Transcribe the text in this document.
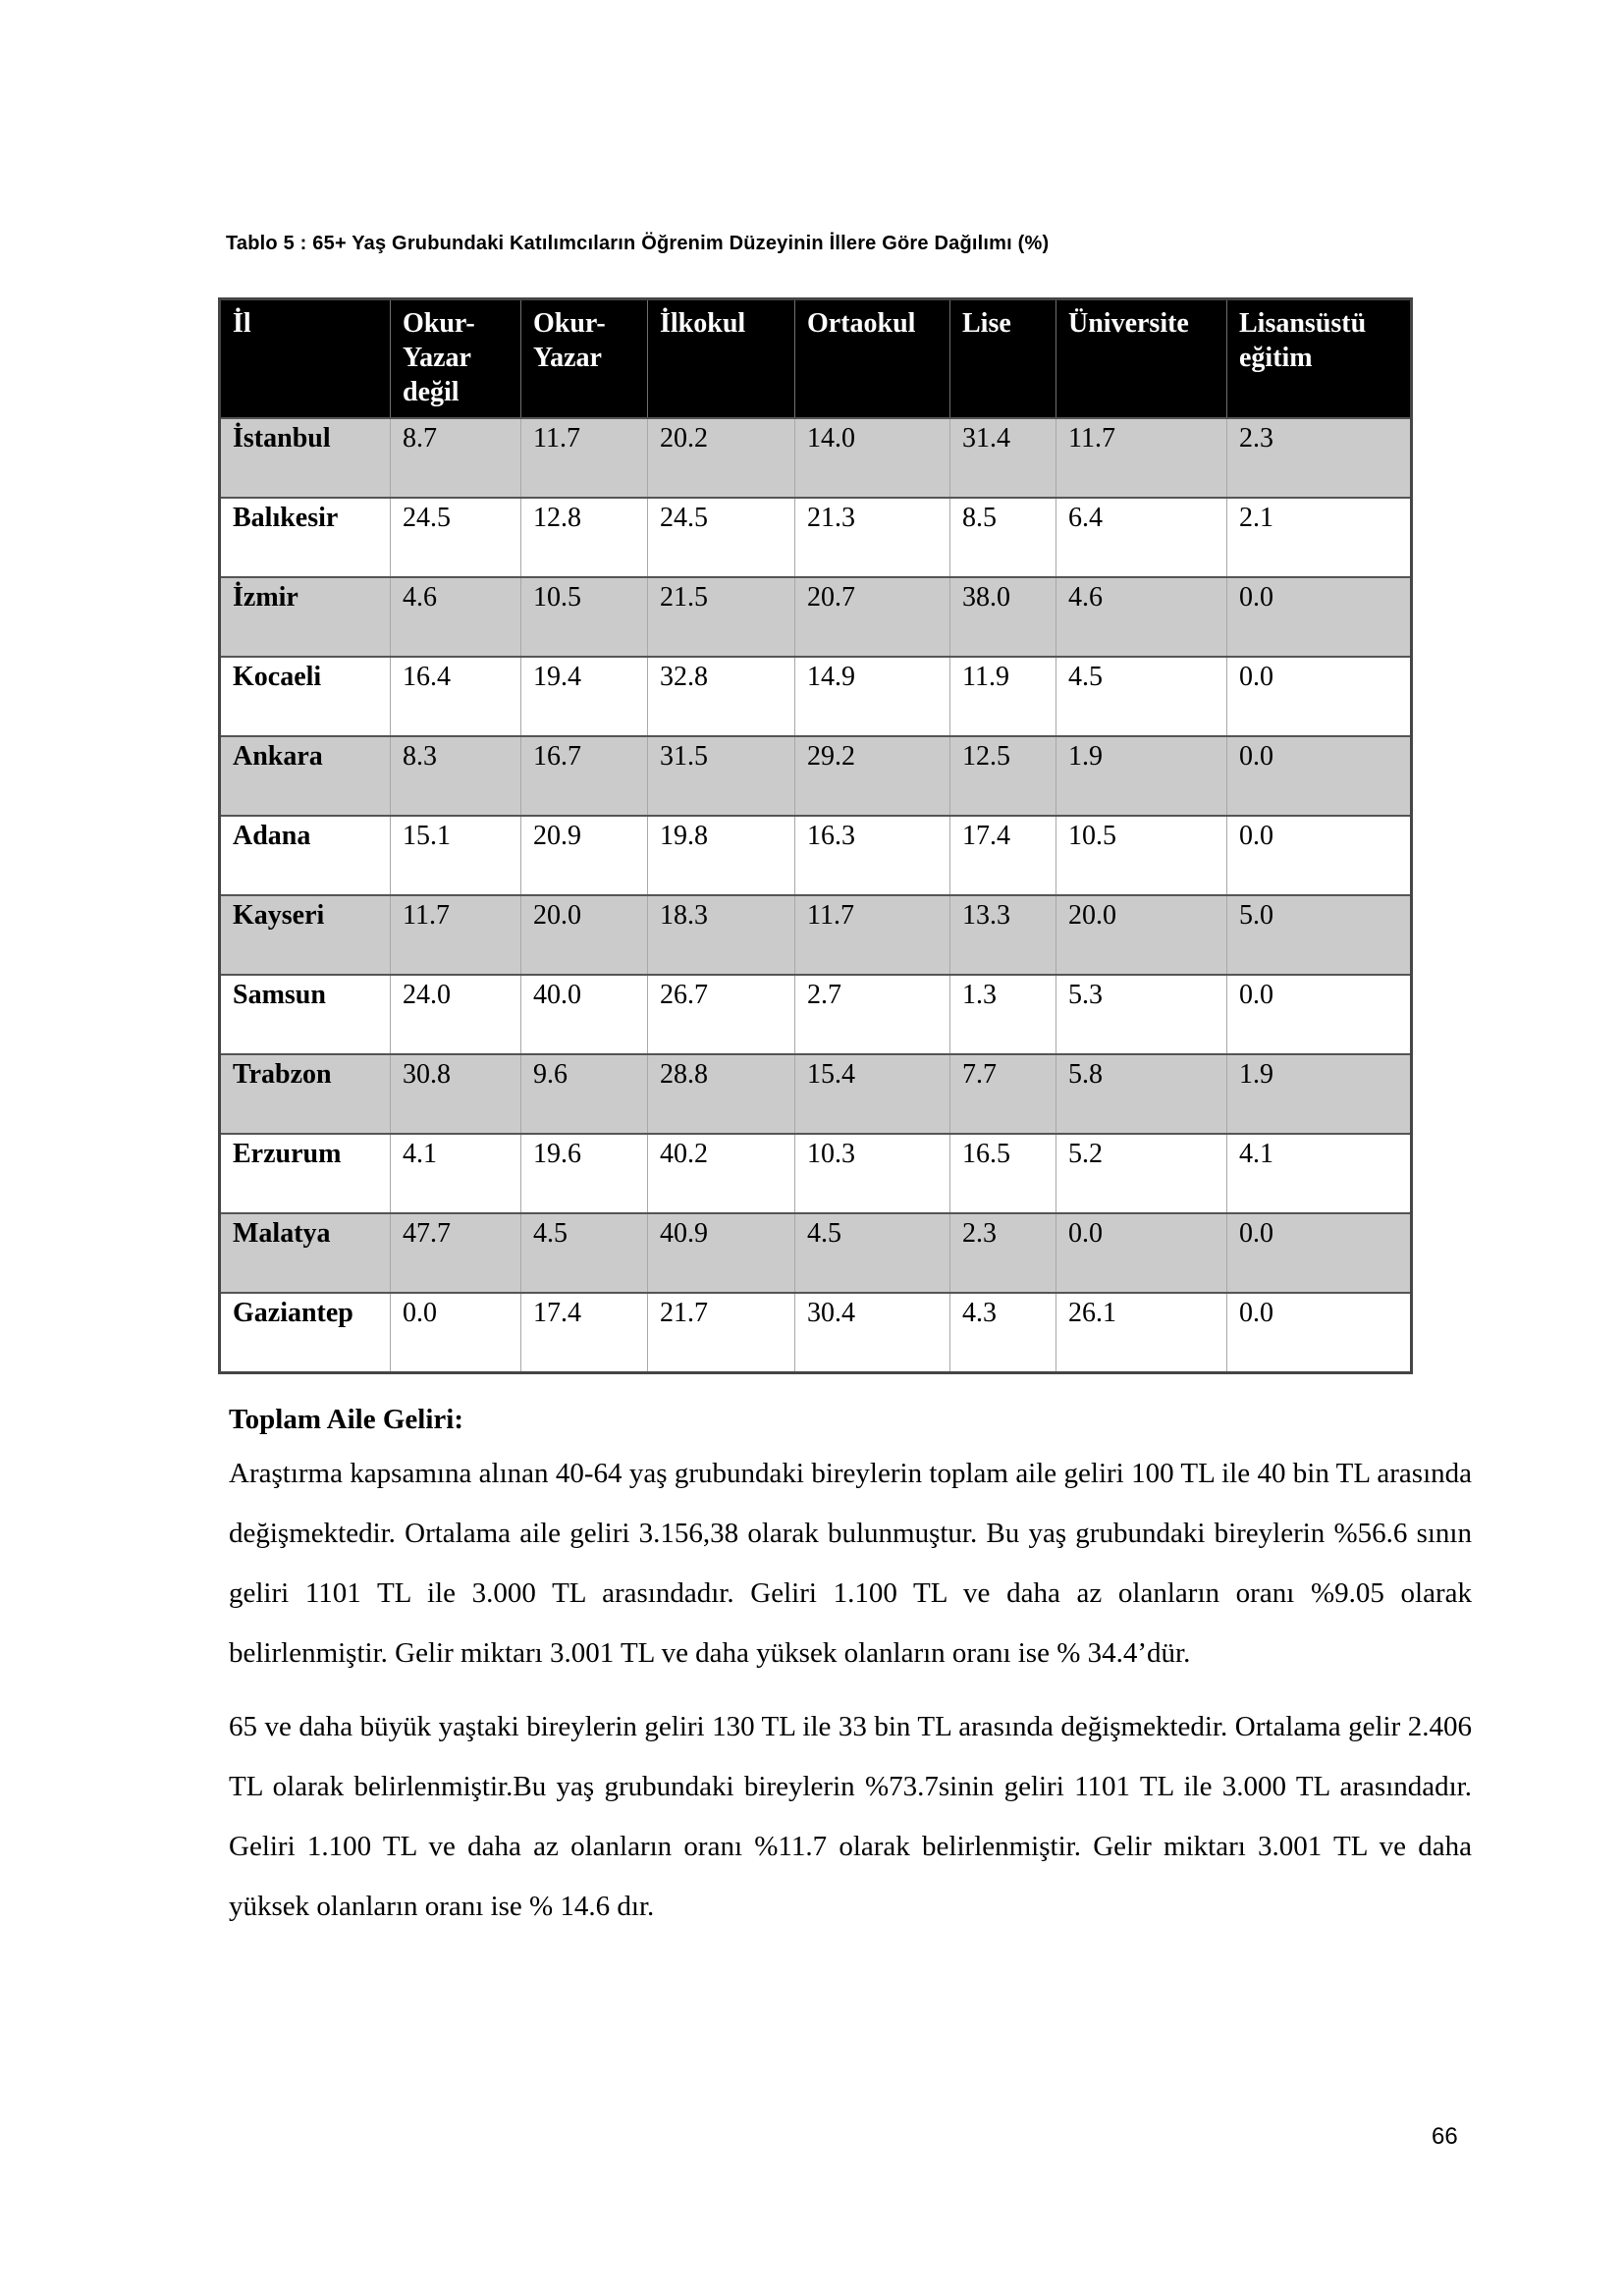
Tablo 5 : 65+ Yaş Grubundaki Katılımcıların Öğrenim Düzeyinin İllere Göre Dağılımı (%)
İl	Okur-Yazar değil	Okur-Yazar	İlkokul	Ortaokul	Lise	Üniversite	Lisansüstü eğitim
İstanbul	8.7	11.7	20.2	14.0	31.4	11.7	2.3
Balıkesir	24.5	12.8	24.5	21.3	8.5	6.4	2.1
İzmir	4.6	10.5	21.5	20.7	38.0	4.6	0.0
Kocaeli	16.4	19.4	32.8	14.9	11.9	4.5	0.0
Ankara	8.3	16.7	31.5	29.2	12.5	1.9	0.0
Adana	15.1	20.9	19.8	16.3	17.4	10.5	0.0
Kayseri	11.7	20.0	18.3	11.7	13.3	20.0	5.0
Samsun	24.0	40.0	26.7	2.7	1.3	5.3	0.0
Trabzon	30.8	9.6	28.8	15.4	7.7	5.8	1.9
Erzurum	4.1	19.6	40.2	10.3	16.5	5.2	4.1
Malatya	47.7	4.5	40.9	4.5	2.3	0.0	0.0
Gaziantep	0.0	17.4	21.7	30.4	4.3	26.1	0.0
Toplam Aile Geliri:

Araştırma kapsamına alınan 40-64 yaş grubundaki bireylerin toplam aile geliri 100 TL ile 40 bin TL arasında değişmektedir. Ortalama aile geliri 3.156,38 olarak bulunmuştur. Bu yaş grubundaki bireylerin %56.6 sının geliri 1101 TL ile 3.000 TL arasındadır. Geliri 1.100 TL ve daha az olanların oranı %9.05 olarak belirlenmiştir. Gelir miktarı 3.001 TL ve daha yüksek olanların oranı ise % 34.4’dür.

65 ve daha büyük yaştaki bireylerin geliri 130 TL ile 33 bin TL arasında değişmektedir. Ortalama gelir 2.406 TL olarak belirlenmiştir.Bu yaş grubundaki bireylerin %73.7sinin geliri 1101 TL ile 3.000 TL arasındadır. Geliri 1.100 TL ve daha az olanların oranı %11.7 olarak belirlenmiştir. Gelir miktarı 3.001 TL ve daha yüksek olanların oranı ise % 14.6 dır.

66
